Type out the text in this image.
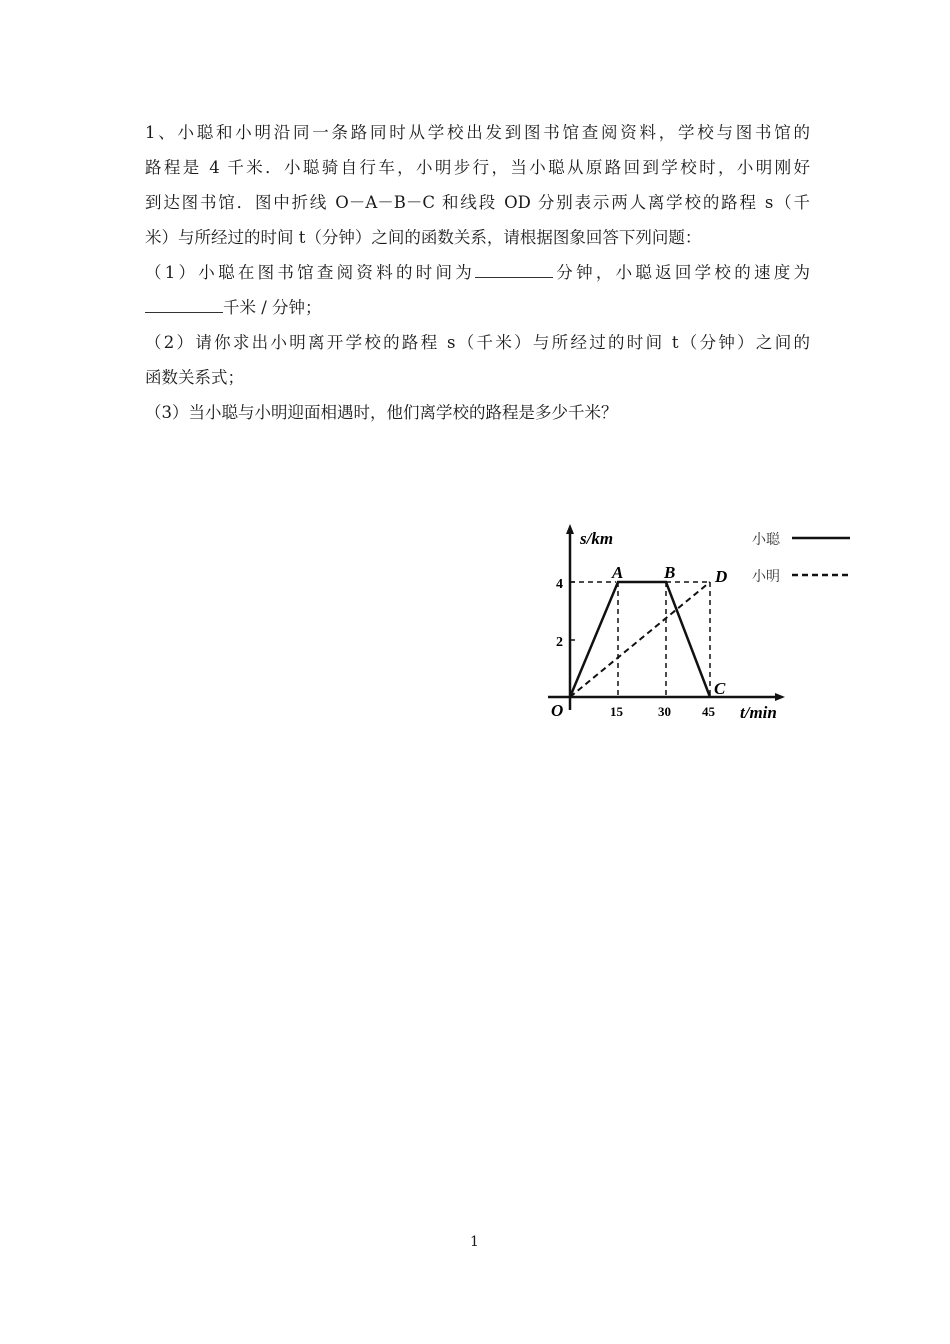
1、小聪和小明沿同一条路同时从学校出发到图书馆查阅资料，学校与图书馆的
路程是 4 千米．小聪骑自行车，小明步行，当小聪从原路回到学校时，小明刚好
到达图书馆．图中折线 O－A－B－C 和线段 OD 分别表示两人离学校的路程 s（千
米）与所经过的时间 t（分钟）之间的函数关系，请根据图象回答下列问题：
（1）小聪在图书馆查阅资料的时间为	分钟，小聪返回学校的速度为
千米 / 分钟；
（2）请你求出小明离开学校的路程 s（千米）与所经过的时间 t（分钟）之间的
函数关系式；
（3）当小聪与小明迎面相遇时，他们离学校的路程是多少千米？
s/km
t/min
O
4
2
15	30 45
A B D
C
小聪
小明
1
